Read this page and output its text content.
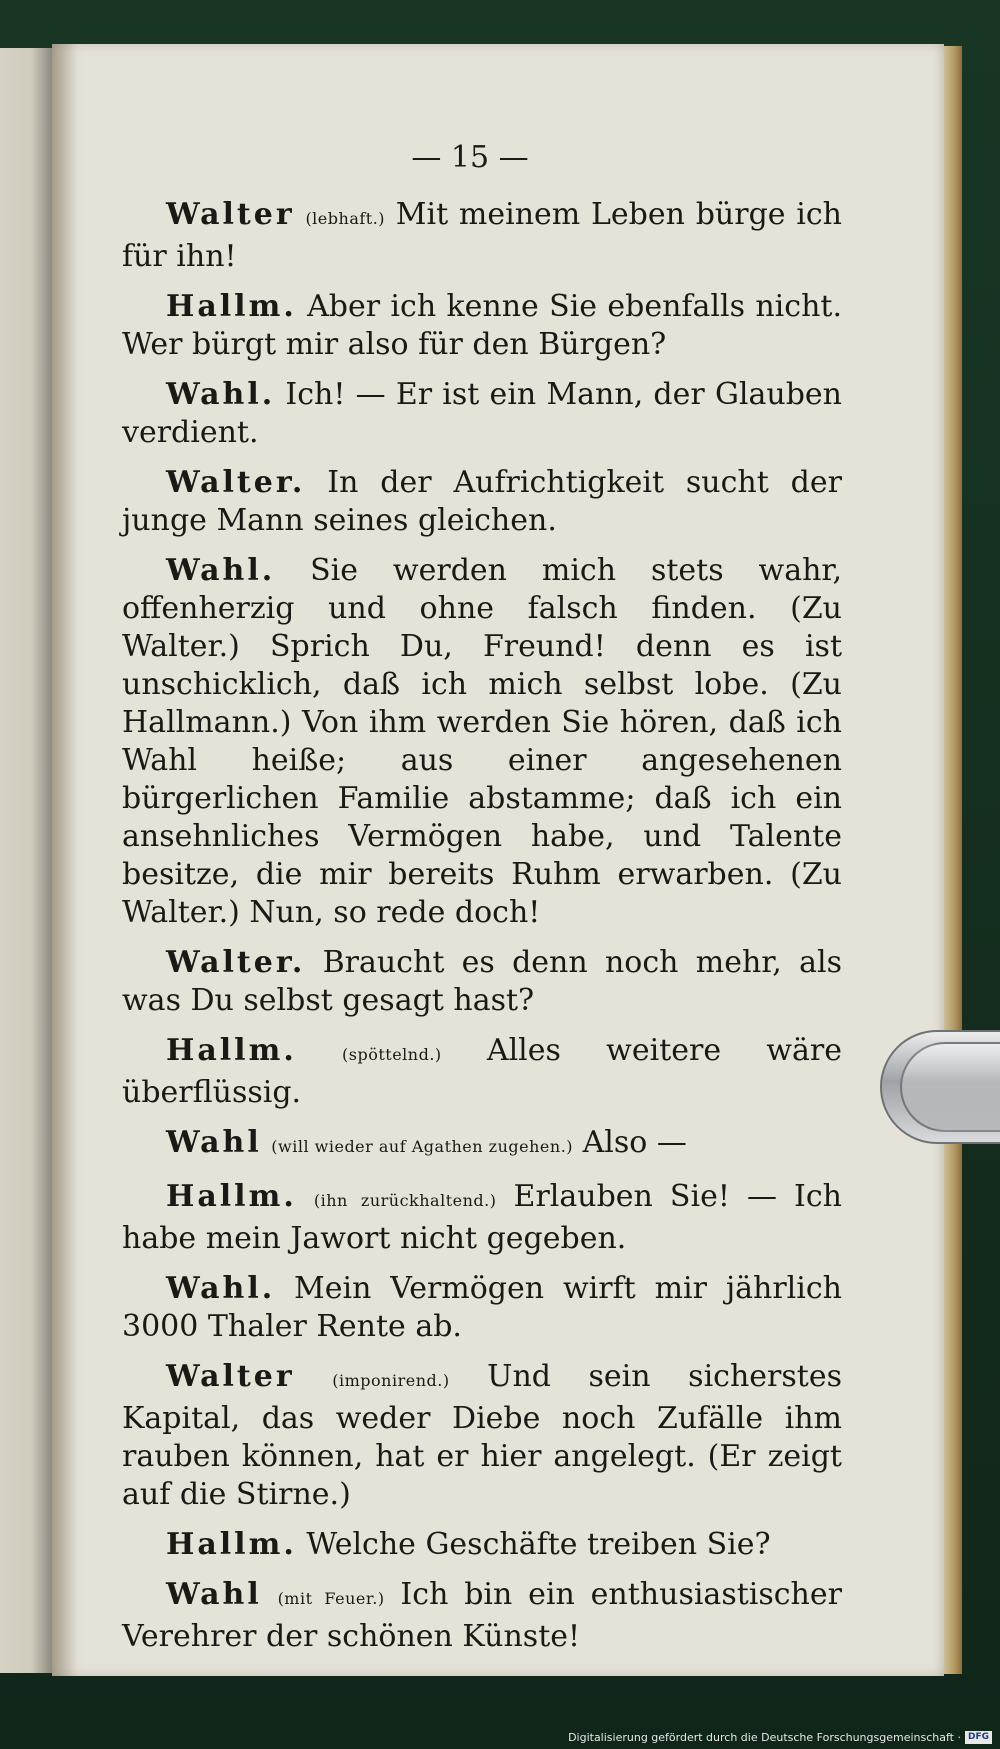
— 15 —

Walter (lebhaft.) Mit meinem Leben bürge ich für ihn!

Hallm. Aber ich kenne Sie ebenfalls nicht. Wer bürgt mir also für den Bürgen?

Wahl. Ich! — Er ist ein Mann, der Glauben verdient.

Walter. In der Aufrichtigkeit sucht der junge Mann seines gleichen.

Wahl. Sie werden mich stets wahr, offenherzig und ohne falsch finden. (Zu Walter.) Sprich Du, Freund! denn es ist unschicklich, daß ich mich selbst lobe. (Zu Hallmann.) Von ihm werden Sie hören, daß ich Wahl heiße; aus einer angesehenen bürgerlichen Familie abstamme; daß ich ein ansehnliches Vermögen habe, und Talente besitze, die mir bereits Ruhm erwarben. (Zu Walter.) Nun, so rede doch!

Walter. Braucht es denn noch mehr, als was Du selbst gesagt hast?

Hallm.	(spöttelnd.) Alles weitere wäre überflüssig.

Wahl (will wieder auf Agathen zugehen.) Also —

Hallm. (ihn zurückhaltend.) Erlauben Sie! — Ich habe mein Jawort nicht gegeben.

Wahl. Mein Vermögen wirft mir jährlich 3000 Thaler Rente ab.

Walter (imponirend.) Und sein sicherstes Kapital, das weder Diebe noch Zufälle ihm rauben können, hat er hier angelegt. (Er zeigt auf die Stirne.)

Hallm. Welche Geschäfte treiben Sie?

Wahl (mit Feuer.) Ich bin ein enthusiastischer Verehrer der schönen Künste!

Digitalisierung gefördert durch die Deutsche Forschungsgemeinschaft · DFG
